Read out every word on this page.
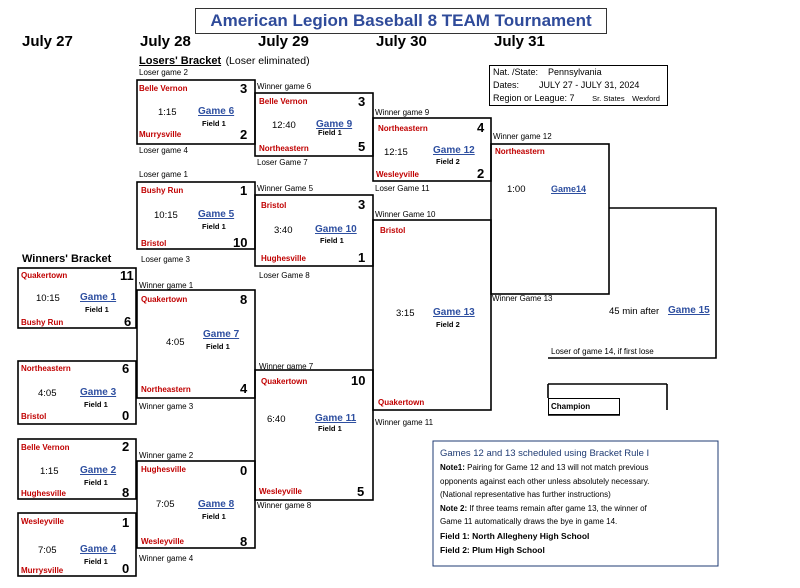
American Legion Baseball 8 TEAM Tournament
July 27	July 28	July 29	July 30	July 31
Losers' Bracket (Loser eliminated)
Winners' Bracket
Nat. /State: Pennsylvania
Dates: JULY 27 - JULY 31, 2024
Region or League: 7 Sr. States Wexford
Quakertown	11
10:15 Game 1
Field 1
Bushy Run	6
Northeastern	6
4:05 Game 3
Field 1
Bristol	0
Belle Vernon	2
1:15 Game 2
Field 1
Hughesville	8
Wesleyville	1
7:05 Game 4
Field 1
Murrysville	0
Loser game 2
Belle Vernon	3
1:15 Game 6
Field 1
Murrysville	2
Loser game 4
Loser game 1
Bushy Run	1
10:15 Game 5
Field 1
Bristol	10
Loser game 3
Winner game 1
Quakertown	8
4:05
Game 7
Field 1
Northeastern	4
Winner game 3
Winner game 2
Hughesville	0
7:05 Game 8
Field 1
Wesleyville	8
Winner game 4
Winner game 6
Belle Vernon	3
12:40 Game 9
Field 1
Northeastern	5
Loser Game 7
Winner Game 5
Bristol	3
3:40 Game 10
Field 1
Hughesville	1
Loser Game 8
Winner game 7
Quakertown	10
6:40	Game 11
Field 1
Wesleyville	5
Winner game 8
Winner game 9
Northeastern	4
12:15	Game 12
Field 2
Wesleyville	2
Loser Game 11
Winner Game 10
Bristol
3:15 Game 13
Field 2
Quakertown
Winner game 11
Winner game 12
Northeastern
1:00	Game14
Winner Game 13
45 min after Game 15
Loser of game 14, if first lose
Champion
Games 12 and 13 scheduled using Bracket Rule I
Note1: Pairing for Game 12 and 13 will not match previous
opponents against each other unless absolutely necessary.
(National representative has further instructions)
Note 2: If three teams remain after game 13, the winner of
Game 11 automatically draws the bye in game 14.
Field 1: North Allegheny High School
Field 2: Plum High School
